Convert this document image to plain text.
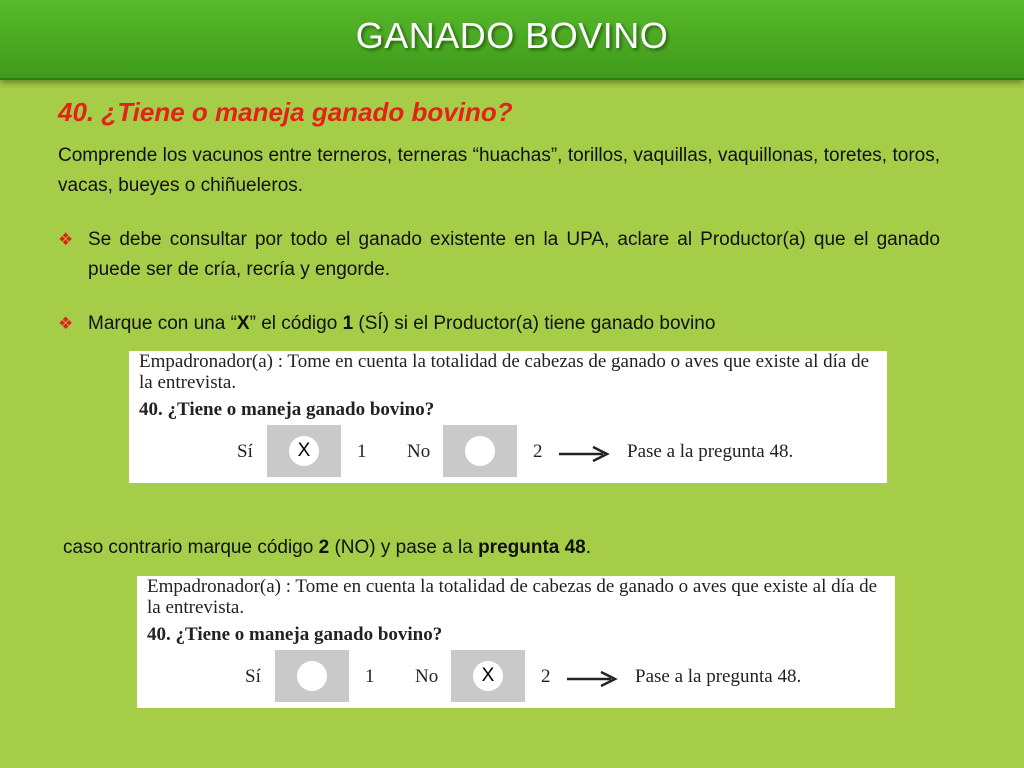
GANADO BOVINO
40. ¿Tiene o maneja ganado bovino?

Comprende los vacunos entre terneros, terneras “huachas”, torillos, vaquillas, vaquillonas, toretes, toros, vacas, bueyes o chiñueleros.

❖ Se debe consultar por todo el ganado existente en la UPA, aclare al Productor(a) que el ganado puede ser de cría, recría y engorde.
❖ Marque con una “X” el código 1 (SÍ) si el Productor(a) tiene ganado bovino
Empadronador(a) : Tome en cuenta la totalidad de cabezas de ganado o aves que existe al día de la entrevista.
40. ¿Tiene o maneja ganado bovino?
Sí	X	1 No	2	Pase a la pregunta 48.

caso contrario marque código 2 (NO) y pase a la pregunta 48.

Empadronador(a) : Tome en cuenta la totalidad de cabezas de ganado o aves que existe al día de la entrevista.
40. ¿Tiene o maneja ganado bovino?
Sí	1 No	X	2	Pase a la pregunta 48.
